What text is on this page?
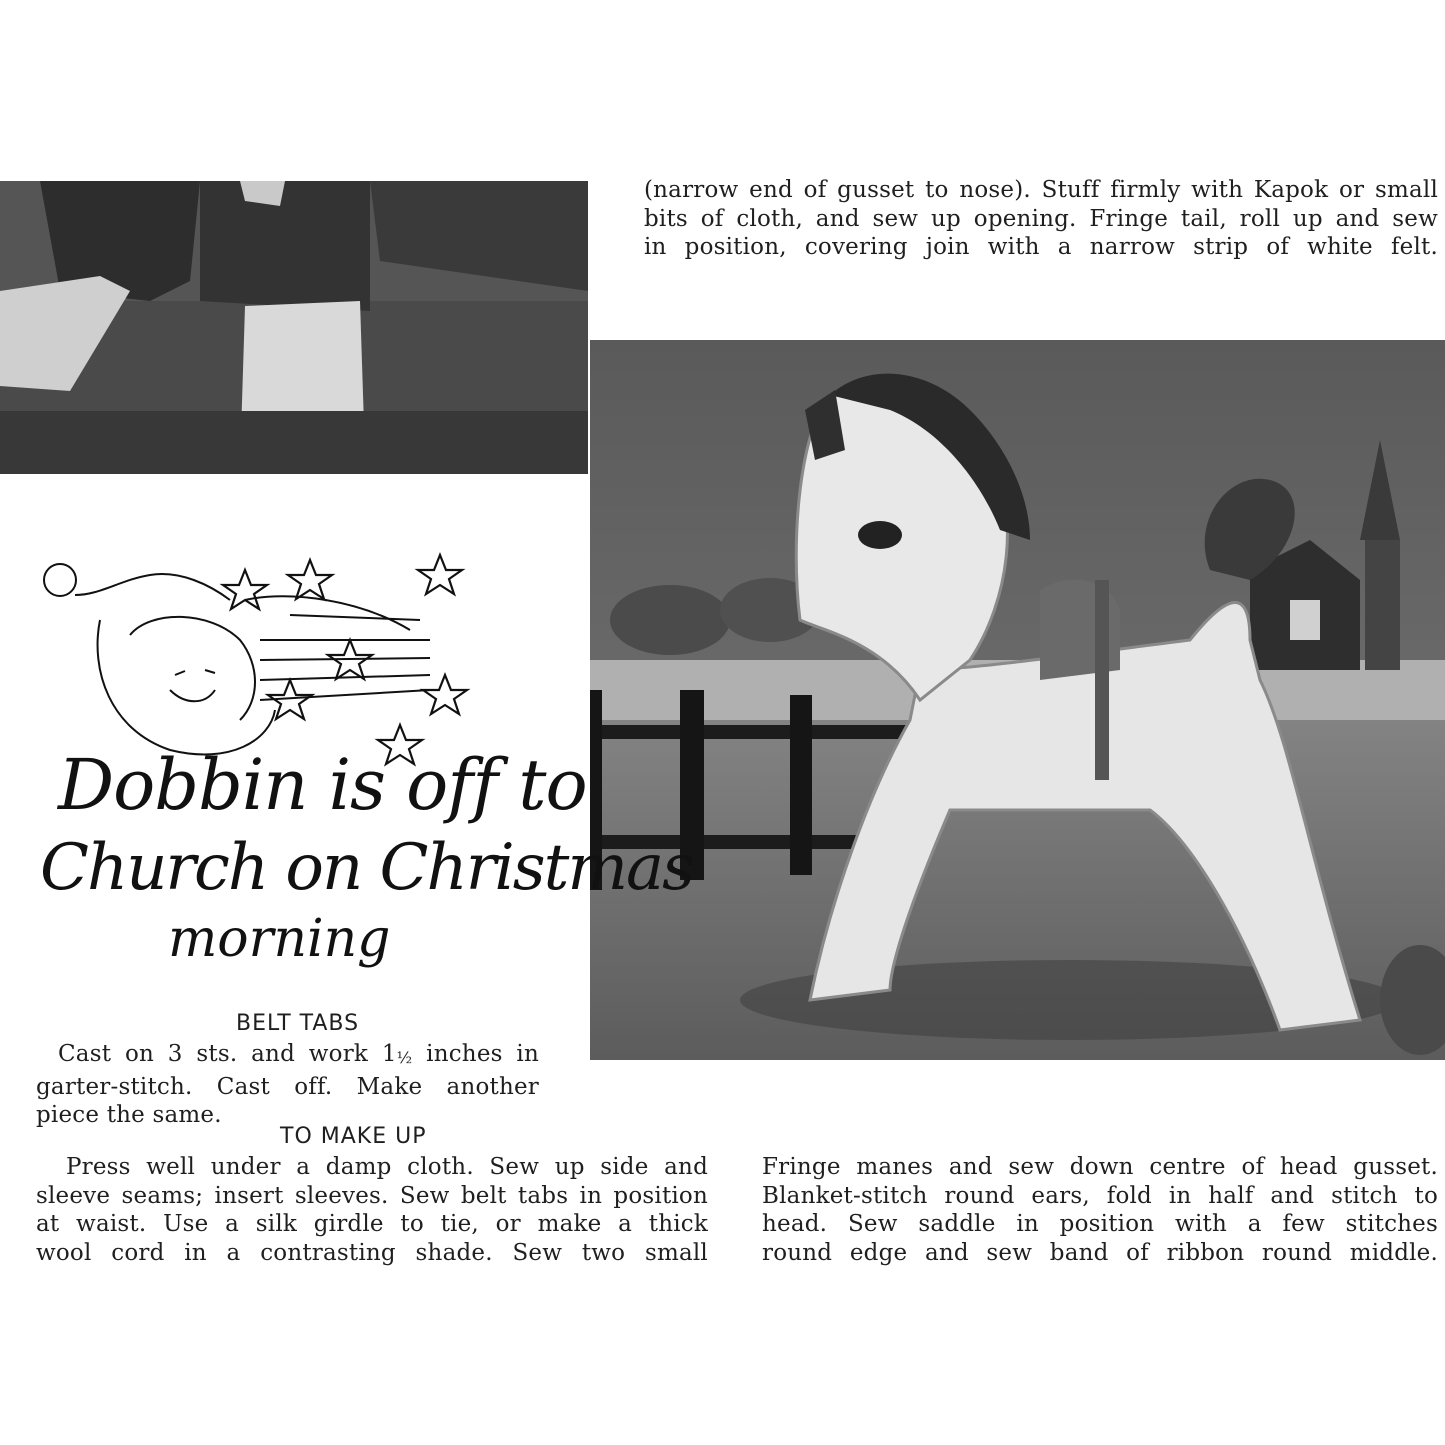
(narrow end of gusset to nose). Stuff firmly with Kapok or small

bits of cloth, and sew up opening. Fringe tail, roll up and sew

in position, covering join with a narrow strip of white felt.

Dobbin is off to
Church on Christmas
morning
BELT TABS

Cast on 3 sts. and work 1½ inches in

garter-stitch. Cast off. Make another

piece the same.

TO MAKE UP

Press well under a damp cloth. Sew up side and

sleeve seams; insert sleeves. Sew belt tabs in position

at waist. Use a silk girdle to tie, or make a thick

wool cord in a contrasting shade. Sew two small

Fringe manes and sew down centre of head gusset.

Blanket-stitch round ears, fold in half and stitch to

head. Sew saddle in position with a few stitches

round edge and sew band of ribbon round middle.
